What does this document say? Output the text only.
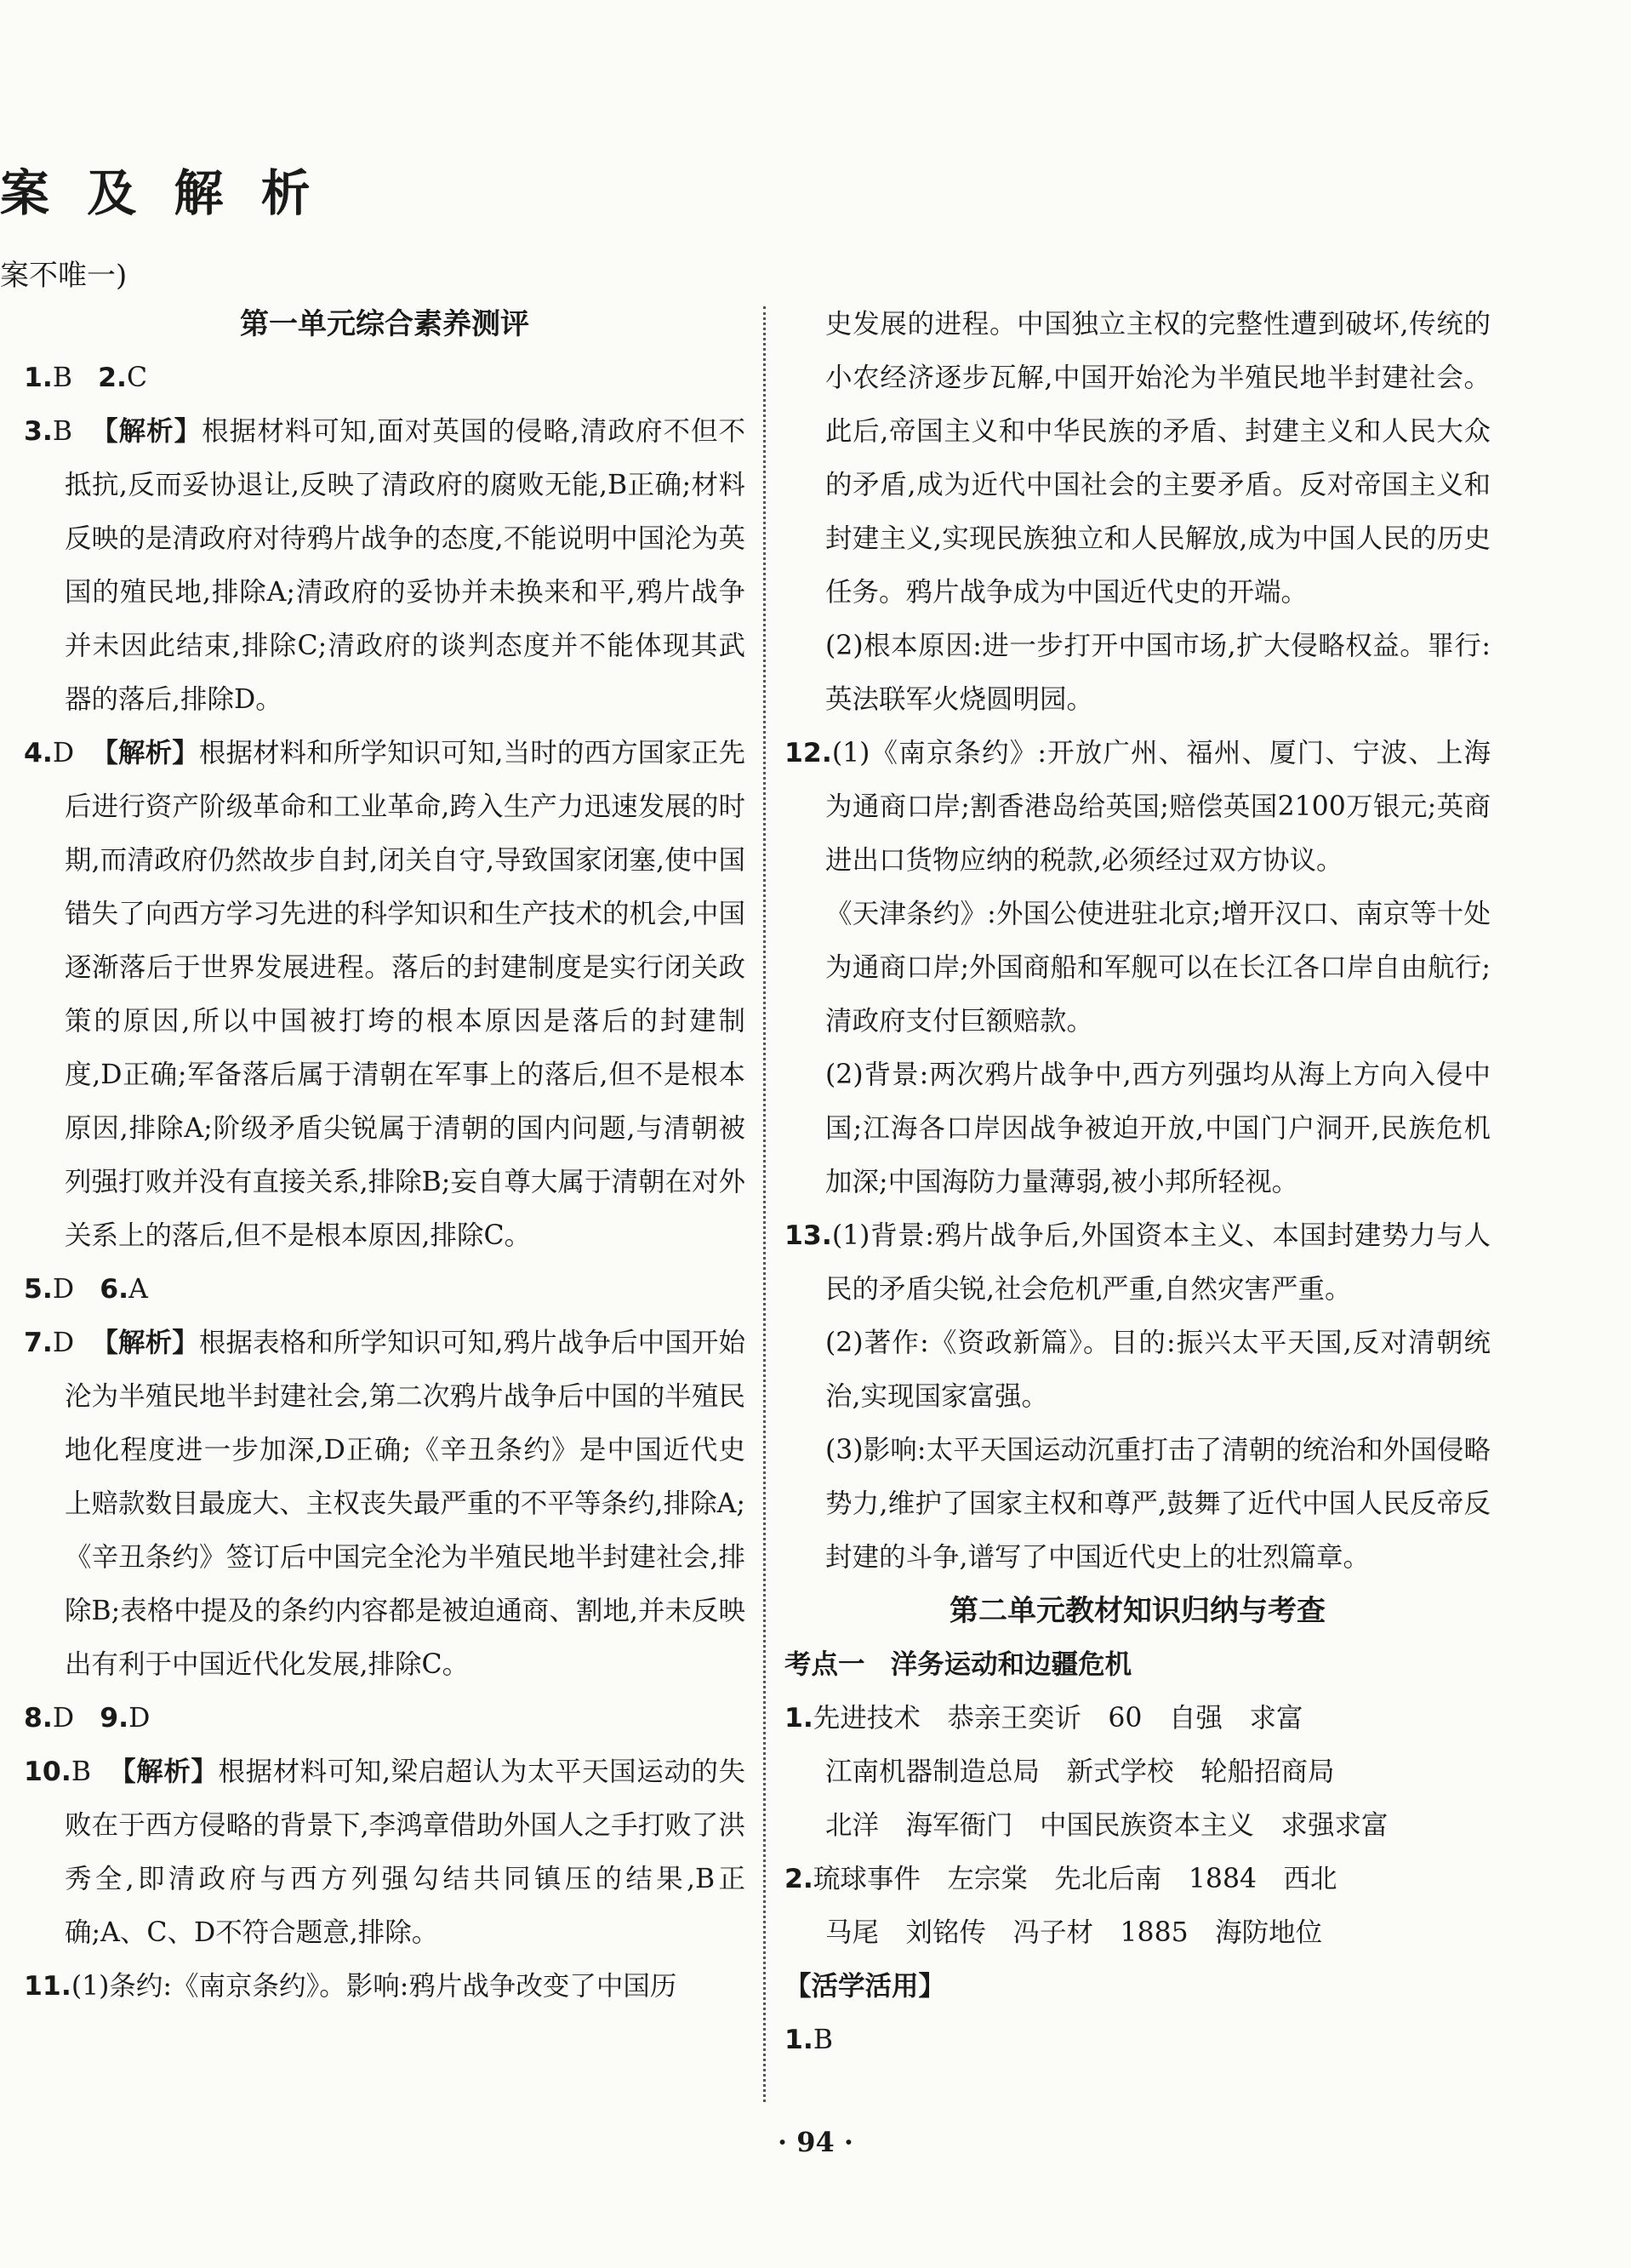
案 及 解 析
案不唯一)
第一单元综合素养测评
1.B 2.C
3.B 【解析】根据材料可知,面对英国的侵略,清政府不但不抵抗,反而妥协退让,反映了清政府的腐败无能,B正确;材料反映的是清政府对待鸦片战争的态度,不能说明中国沦为英国的殖民地,排除A;清政府的妥协并未换来和平,鸦片战争并未因此结束,排除C;清政府的谈判态度并不能体现其武器的落后,排除D。
4.D 【解析】根据材料和所学知识可知,当时的西方国家正先后进行资产阶级革命和工业革命,跨入生产力迅速发展的时期,而清政府仍然故步自封,闭关自守,导致国家闭塞,使中国错失了向西方学习先进的科学知识和生产技术的机会,中国逐渐落后于世界发展进程。落后的封建制度是实行闭关政策的原因,所以中国被打垮的根本原因是落后的封建制度,D正确;军备落后属于清朝在军事上的落后,但不是根本原因,排除A;阶级矛盾尖锐属于清朝的国内问题,与清朝被列强打败并没有直接关系,排除B;妄自尊大属于清朝在对外关系上的落后,但不是根本原因,排除C。
5.D 6.A
7.D 【解析】根据表格和所学知识可知,鸦片战争后中国开始沦为半殖民地半封建社会,第二次鸦片战争后中国的半殖民地化程度进一步加深,D正确;《辛丑条约》是中国近代史上赔款数目最庞大、主权丧失最严重的不平等条约,排除A;《辛丑条约》签订后中国完全沦为半殖民地半封建社会,排除B;表格中提及的条约内容都是被迫通商、割地,并未反映出有利于中国近代化发展,排除C。
8.D 9.D
10.B 【解析】根据材料可知,梁启超认为太平天国运动的失败在于西方侵略的背景下,李鸿章借助外国人之手打败了洪秀全,即清政府与西方列强勾结共同镇压的结果,B正确;A、C、D不符合题意,排除。
11.(1)条约:《南京条约》。影响:鸦片战争改变了中国历
史发展的进程。中国独立主权的完整性遭到破坏,传统的小农经济逐步瓦解,中国开始沦为半殖民地半封建社会。此后,帝国主义和中华民族的矛盾、封建主义和人民大众的矛盾,成为近代中国社会的主要矛盾。反对帝国主义和封建主义,实现民族独立和人民解放,成为中国人民的历史任务。鸦片战争成为中国近代史的开端。
(2)根本原因:进一步打开中国市场,扩大侵略权益。罪行:英法联军火烧圆明园。
12.(1)《南京条约》:开放广州、福州、厦门、宁波、上海为通商口岸;割香港岛给英国;赔偿英国2100万银元;英商进出口货物应纳的税款,必须经过双方协议。
《天津条约》:外国公使进驻北京;增开汉口、南京等十处为通商口岸;外国商船和军舰可以在长江各口岸自由航行;清政府支付巨额赔款。
(2)背景:两次鸦片战争中,西方列强均从海上方向入侵中国;江海各口岸因战争被迫开放,中国门户洞开,民族危机加深;中国海防力量薄弱,被小邦所轻视。
13.(1)背景:鸦片战争后,外国资本主义、本国封建势力与人民的矛盾尖锐,社会危机严重,自然灾害严重。
(2)著作:《资政新篇》。目的:振兴太平天国,反对清朝统治,实现国家富强。
(3)影响:太平天国运动沉重打击了清朝的统治和外国侵略势力,维护了国家主权和尊严,鼓舞了近代中国人民反帝反封建的斗争,谱写了中国近代史上的壮烈篇章。
第二单元教材知识归纳与考查
考点一 洋务运动和边疆危机
1.先进技术　恭亲王奕䜣　60　自强　求富
江南机器制造总局　新式学校　轮船招商局
北洋　海军衙门　中国民族资本主义　求强求富
2.琉球事件　左宗棠　先北后南　1884　西北
马尾　刘铭传　冯子材　1885　海防地位
【活学活用】
1.B
· 94 ·
